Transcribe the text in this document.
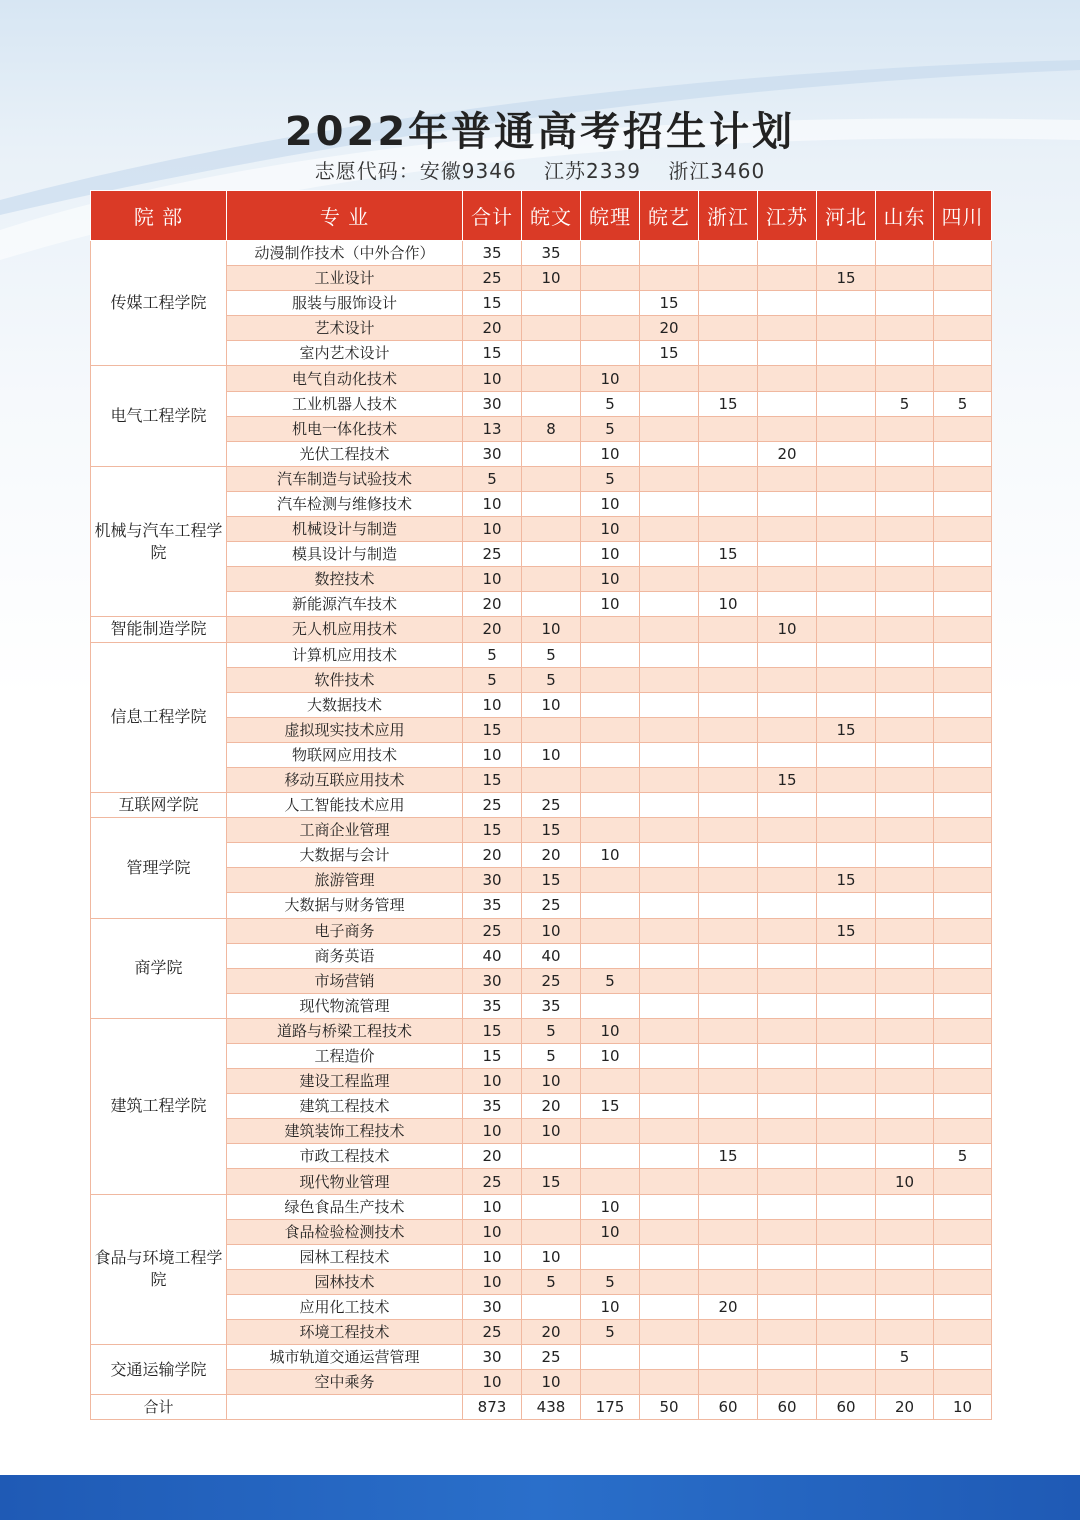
2022年普通高考招生计划
志愿代码：安徽9346 江苏2339 浙江3460
院 部	专 业	合计	皖文	皖理	皖艺	浙江	江苏	河北	山东	四川
传媒工程学院	动漫制作技术（中外合作）	35	35							
	工业设计	25	10					15		
	服装与服饰设计	15			15					
	艺术设计	20			20					
	室内艺术设计	15			15					
电气工程学院	电气自动化技术	10		10						
	工业机器人技术	30		5		15			5	5
	机电一体化技术	13	8	5						
	光伏工程技术	30		10			20			
机械与汽车工程学院	汽车制造与试验技术	5		5						
	汽车检测与维修技术	10		10						
	机械设计与制造	10		10						
	模具设计与制造	25		10		15				
	数控技术	10		10						
	新能源汽车技术	20		10		10				
智能制造学院	无人机应用技术	20	10				10			
信息工程学院	计算机应用技术	5	5							
	软件技术	5	5							
	大数据技术	10	10							
	虚拟现实技术应用	15						15		
	物联网应用技术	10	10							
	移动互联应用技术	15					15			
互联网学院	人工智能技术应用	25	25							
管理学院	工商企业管理	15	15							
	大数据与会计	20	20	10						
	旅游管理	30	15					15		
	大数据与财务管理	35	25							
商学院	电子商务	25	10					15		
	商务英语	40	40							
	市场营销	30	25	5						
	现代物流管理	35	35							
建筑工程学院	道路与桥梁工程技术	15	5	10						
	工程造价	15	5	10						
	建设工程监理	10	10							
	建筑工程技术	35	20	15						
	建筑装饰工程技术	10	10							
	市政工程技术	20				15				5
	现代物业管理	25	15						10	
食品与环境工程学院	绿色食品生产技术	10		10						
	食品检验检测技术	10		10						
	园林工程技术	10	10							
	园林技术	10	5	5						
	应用化工技术	30		10		20				
	环境工程技术	25	20	5						
交通运输学院	城市轨道交通运营管理	30	25						5	
	空中乘务	10	10							
合计		873	438	175	50	60	60	60	20	10
